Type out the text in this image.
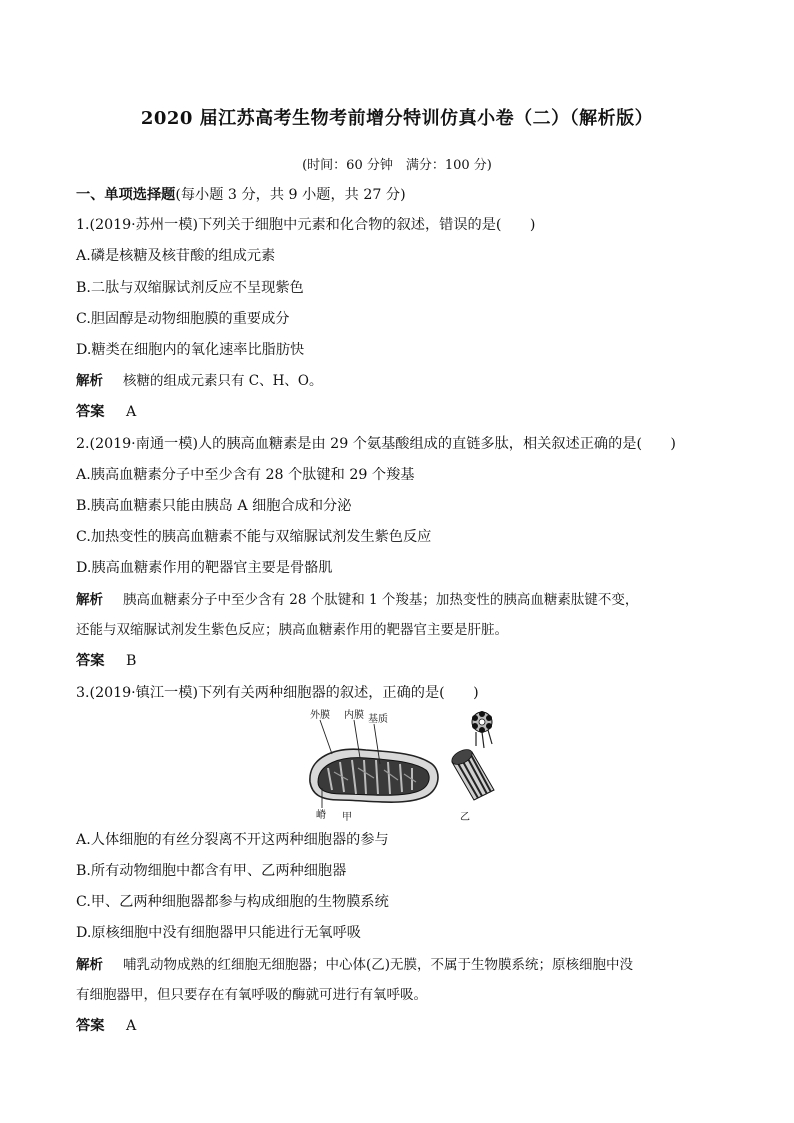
2020 届江苏高考生物考前增分特训仿真小卷（二）（解析版）
(时间：60 分钟　满分：100 分)
一、单项选择题(每小题 3 分，共 9 小题，共 27 分)
1.(2019·苏州一模)下列关于细胞中元素和化合物的叙述，错误的是(　　)
A.磷是核糖及核苷酸的组成元素
B.二肽与双缩脲试剂反应不呈现紫色
C.胆固醇是动物细胞膜的重要成分
D.糖类在细胞内的氧化速率比脂肪快
解析 核糖的组成元素只有 C、H、O。
答案 A
2.(2019·南通一模)人的胰高血糖素是由 29 个氨基酸组成的直链多肽，相关叙述正确的是(　　)
A.胰高血糖素分子中至少含有 28 个肽键和 29 个羧基
B.胰高血糖素只能由胰岛 A 细胞合成和分泌
C.加热变性的胰高血糖素不能与双缩脲试剂发生紫色反应
D.胰高血糖素作用的靶器官主要是骨骼肌
解析 胰高血糖素分子中至少含有 28 个肽键和 1 个羧基；加热变性的胰高血糖素肽键不变，
还能与双缩脲试剂发生紫色反应；胰高血糖素作用的靶器官主要是肝脏。
答案 B
3.(2019·镇江一模)下列有关两种细胞器的叙述，正确的是(　　)
外膜 内膜 基质
嵴 甲	乙
A.人体细胞的有丝分裂离不开这两种细胞器的参与
B.所有动物细胞中都含有甲、乙两种细胞器
C.甲、乙两种细胞器都参与构成细胞的生物膜系统
D.原核细胞中没有细胞器甲只能进行无氧呼吸
解析 哺乳动物成熟的红细胞无细胞器；中心体(乙)无膜，不属于生物膜系统；原核细胞中没
有细胞器甲，但只要存在有氧呼吸的酶就可进行有氧呼吸。
答案 A
